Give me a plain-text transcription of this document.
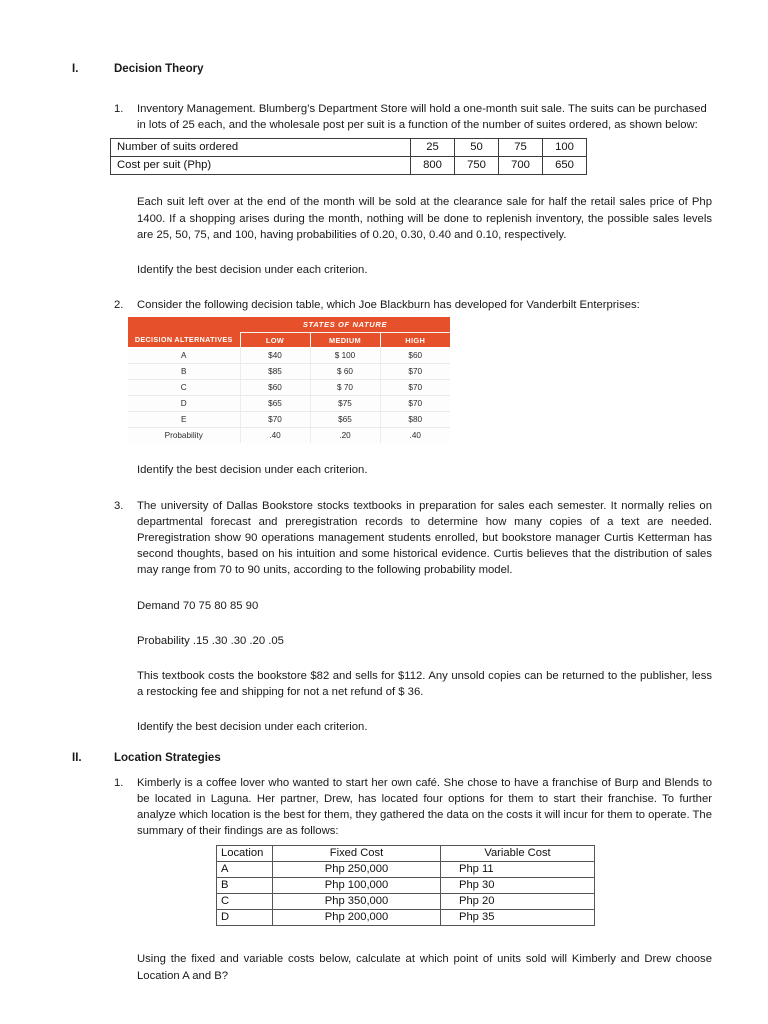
I.	Decision Theory
1.	Inventory Management. Blumberg’s Department Store will hold a one-month suit sale. The suits can be purchased in lots of 25 each, and the wholesale post per suit is a function of the number of suites ordered, as shown below:
Number of suits ordered	25	50	75	100
Cost per suit (Php)	800	750	700	650
Each suit left over at the end of the month will be sold at the clearance sale for half the retail sales price of Php 1400. If a shopping arises during the month, nothing will be done to replenish inventory, the possible sales levels are 25, 50, 75, and 100, having probabilities of 0.20, 0.30, 0.40 and 0.10, respectively.
Identify the best decision under each criterion.
2.	Consider the following decision table, which Joe Blackburn has developed for Vanderbilt Enterprises:
	STATES OF NATURE		
DECISION ALTERNATIVES	LOW	MEDIUM	HIGH
A	$40	$ 100	$60
B	$85	$ 60	$70
C	$60	$ 70	$70
D	$65	$75	$70
E	$70	$65	$80
Probability	.40	.20	.40
Identify the best decision under each criterion.
3.	The university of Dallas Bookstore stocks textbooks in preparation for sales each semester. It normally relies on departmental forecast and preregistration records to determine how many copies of a text are needed. Preregistration show 90 operations management students enrolled, but bookstore manager Curtis Ketterman has second thoughts, based on his intuition and some historical evidence. Curtis believes that the distribution of sales may range from 70 to 90 units, according to the following probability model.
Demand 70 75 80 85 90
Probability .15 .30 .30 .20 .05
This textbook costs the bookstore $82 and sells for $112. Any unsold copies can be returned to the publisher, less a restocking fee and shipping for not a net refund of $ 36.
Identify the best decision under each criterion.
II.	Location Strategies
1.	Kimberly is a coffee lover who wanted to start her own café. She chose to have a franchise of Burp and Blends to be located in Laguna. Her partner, Drew, has located four options for them to start their franchise. To further analyze which location is the best for them, they gathered the data on the costs it will incur for them to operate. The summary of their findings are as follows:
Location	Fixed Cost	Variable Cost
A	Php 250,000	Php 11
B	Php 100,000	Php 30
C	Php 350,000	Php 20
D	Php 200,000	Php 35
Using the fixed and variable costs below, calculate at which point of units sold will Kimberly and Drew choose Location A and B?
